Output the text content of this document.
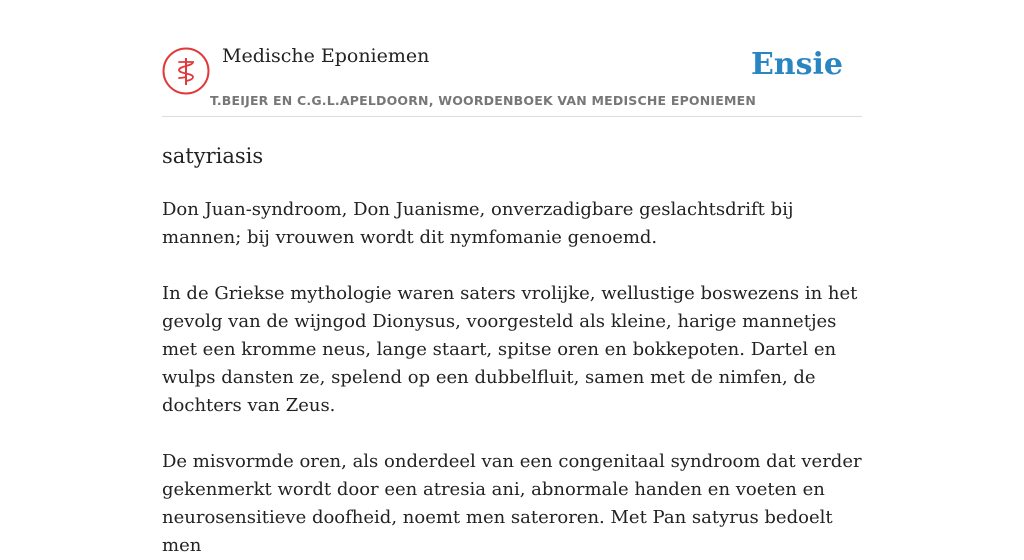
Medische Eponiemen
T.BEIJER EN C.G.L.APELDOORN, WOORDENBOEK VAN MEDISCHE EPONIEMEN
Ensie
satyriasis

Don Juan-syndroom, Don Juanisme, onverzadigbare geslachtsdrift bij mannen; bij vrouwen wordt dit nymfomanie genoemd.

In de Griekse mythologie waren saters vrolijke, wellustige boswezens in het gevolg van de wijngod Dionysus, voorgesteld als kleine, harige mannetjes met een kromme neus, lange staart, spitse oren en bokkepoten. Dartel en wulps dansten ze, spelend op een dubbelfluit, samen met de nimfen, de dochters van Zeus.

De misvormde oren, als onderdeel van een congenitaal syndroom dat verder gekenmerkt wordt door een atresia ani, abnormale handen en voeten en neurosensitieve doofheid, noemt men saterоren. Met Pan satyrus bedoelt men
